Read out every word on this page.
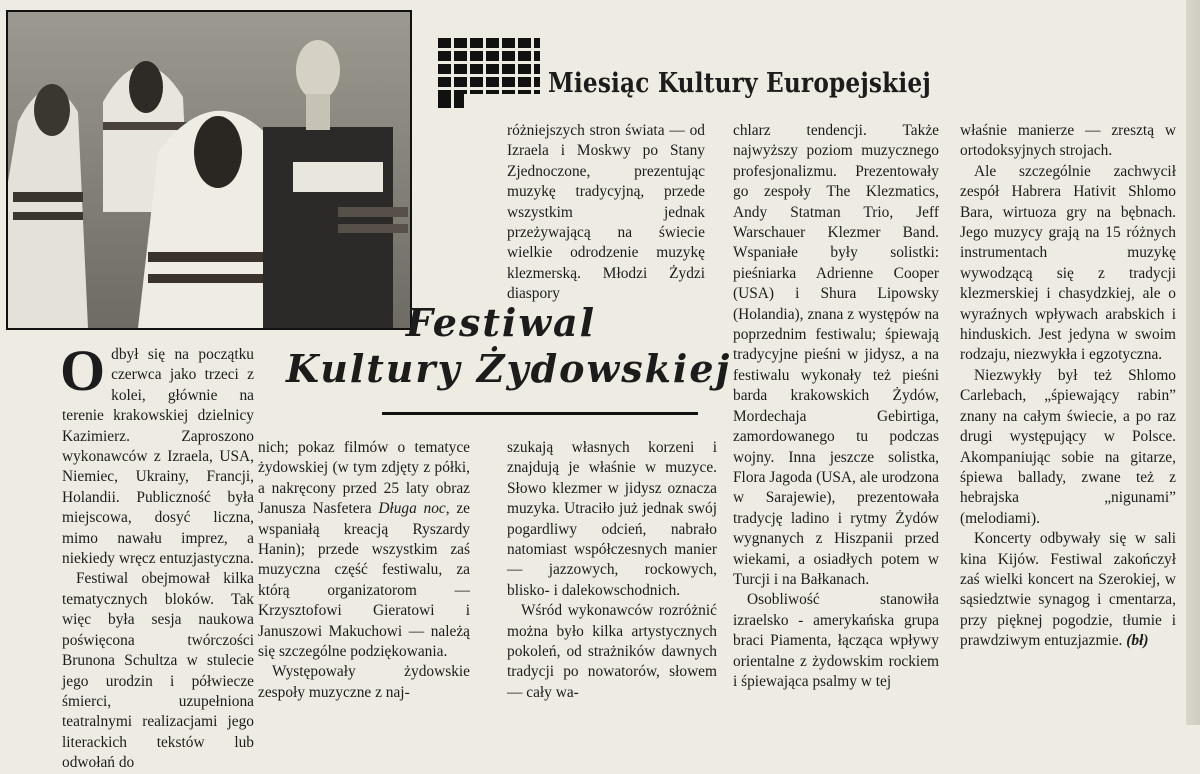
Miesiąc Kultury Europejskiej
Festiwal
Kultury Żydowskiej

Odbył się na początku czerwca jako trzeci z kolei, głównie na terenie krakowskiej dzielnicy Kazimierz. Zaproszono wykonawców z Izraela, USA, Niemiec, Ukrainy, Francji, Holandii. Publiczność była miejscowa, dosyć liczna, mimo nawału imprez, a niekiedy wręcz entuzjastyczna.

Festiwal obejmował kilka tematycznych bloków. Tak więc była sesja naukowa poświęcona twórczości Brunona Schultza w stulecie jego urodzin i półwiecze śmierci, uzupełniona teatralnymi realizacjami jego literackich tekstów lub odwołań do

nich; pokaz filmów o tematyce żydowskiej (w tym zdjęty z półki, a nakręcony przed 25 laty obraz Janusza Nasfetera Długa noc, ze wspaniałą kreacją Ryszardy Hanin); przede wszystkim zaś muzyczna część festiwalu, za którą organizatorom — Krzysztofowi Gieratowi i Januszowi Makuchowi — należą się szczególne podziękowania.

Występowały żydowskie zespoły muzyczne z naj-

różniejszych stron świata — od Izraela i Moskwy po Stany Zjednoczone, prezentując muzykę tradycyjną, przede wszystkim jednak przeżywającą na świecie wielkie odrodzenie muzykę klezmerską. Młodzi Żydzi diaspory

szukają własnych korzeni i znajdują je właśnie w muzyce. Słowo klezmer w jidysz oznacza muzyka. Utraciło już jednak swój pogardliwy odcień, nabrało natomiast współczesnych manier — jazzowych, rockowych, blisko- i dalekowschodnich.

Wśród wykonawców rozróżnić można było kilka artystycznych pokoleń, od strażników dawnych tradycji po nowatorów, słowem — cały wa-

chlarz tendencji. Także najwyższy poziom muzycznego profesjonalizmu. Prezentowały go zespoły The Klezmatics, Andy Statman Trio, Jeff Warschauer Klezmer Band. Wspaniałe były solistki: pieśniarka Adrienne Cooper (USA) i Shura Lipowsky (Holandia), znana z występów na poprzednim festiwalu; śpiewają tradycyjne pieśni w jidysz, a na festiwalu wykonały też pieśni barda krakowskich Żydów, Mordechaja Gebirtiga, zamordowanego tu podczas wojny. Inna jeszcze solistka, Flora Jagoda (USA, ale urodzona w Sarajewie), prezentowała tradycję ladino i rytmy Żydów wygnanych z Hiszpanii przed wiekami, a osiadłych potem w Turcji i na Bałkanach.

Osobliwość stanowiła izraelsko - amerykańska grupa braci Piamenta, łącząca wpływy orientalne z żydowskim rockiem i śpiewająca psalmy w tej

właśnie manierze — zresztą w ortodoksyjnych strojach.

Ale szczególnie zachwycił zespół Habrera Hativit Shlomo Bara, wirtuoza gry na bębnach. Jego muzycy grają na 15 różnych instrumentach muzykę wywodzącą się z tradycji klezmerskiej i chasydzkiej, ale o wyraźnych wpływach arabskich i hinduskich. Jest jedyna w swoim rodzaju, niezwykła i egzotyczna.

Niezwykły był też Shlomo Carlebach, „śpiewający rabin” znany na całym świecie, a po raz drugi występujący w Polsce. Akompaniując sobie na gitarze, śpiewa ballady, zwane też z hebrajska „nigunami” (melodiami).

Koncerty odbywały się w sali kina Kijów. Festiwal zakończył zaś wielki koncert na Szerokiej, w sąsiedztwie synagog i cmentarza, przy pięknej pogodzie, tłumie i prawdziwym entuzjazmie. (bł)
